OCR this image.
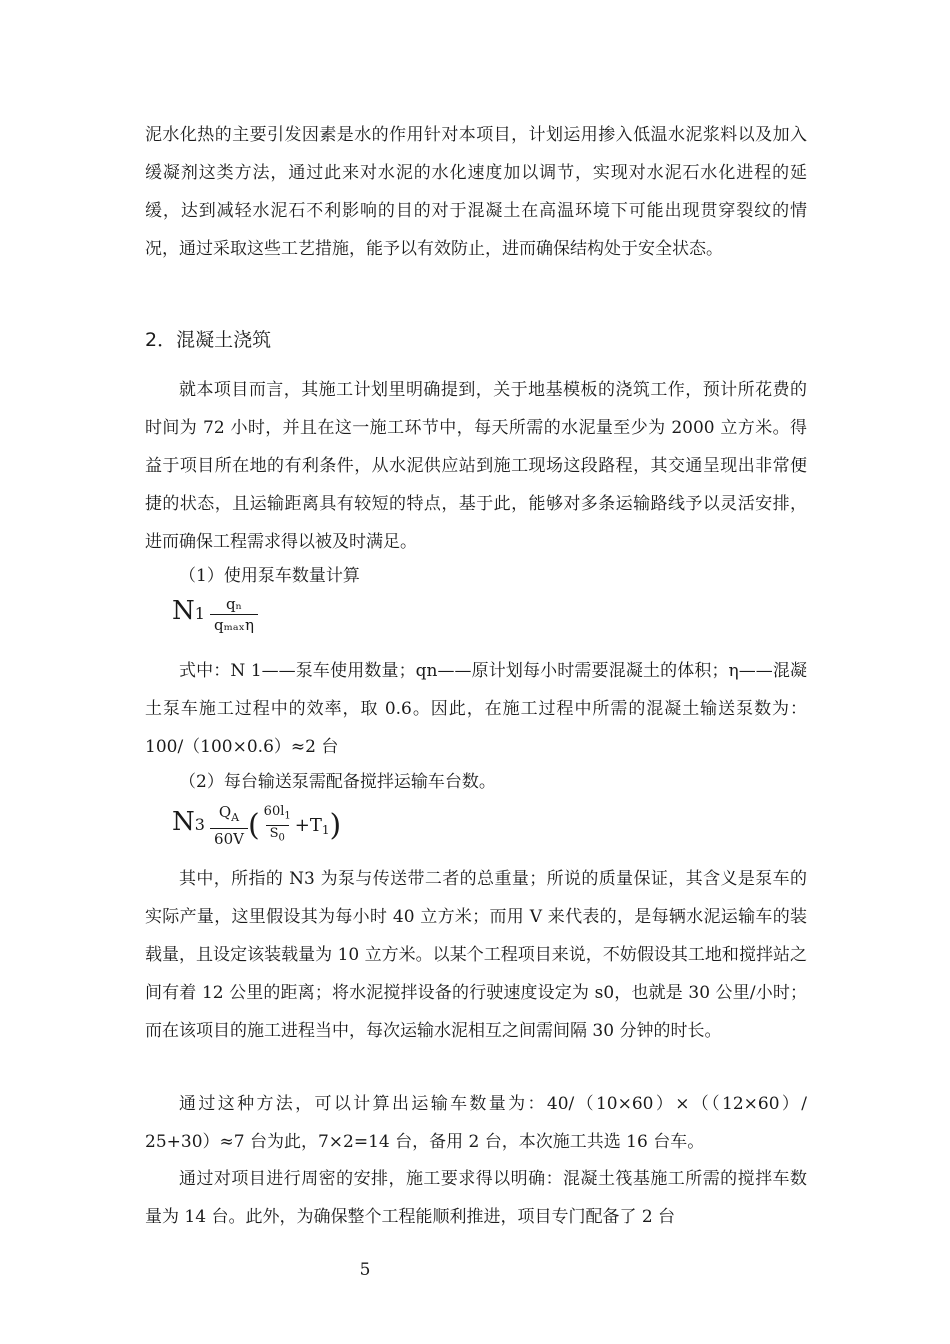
泥水化热的主要引发因素是水的作用针对本项目，计划运用掺入低温水泥浆料以及加入缓凝剂这类方法，通过此来对水泥的水化速度加以调节，实现对水泥石水化进程的延缓，达到减轻水泥石不利影响的目的对于混凝土在高温环境下可能出现贯穿裂纹的情况，通过采取这些工艺措施，能予以有效防止，进而确保结构处于安全状态。

2．混凝土浇筑

就本项目而言，其施工计划里明确提到，关于地基模板的浇筑工作，预计所花费的时间为 72 小时，并且在这一施工环节中，每天所需的水泥量至少为 2000 立方米。得益于项目所在地的有利条件，从水泥供应站到施工现场这段路程，其交通呈现出非常便捷的状态，且运输距离具有较短的特点，基于此，能够对多条运输路线予以灵活安排，进而确保工程需求得以被及时满足。

（1）使用泵车数量计算

$N1 \frac{\text{qₙ}}{\text{qₘₐₓη}}$

式中：N 1——泵车使用数量；qn——原计划每小时需要混凝土的体积；η——混凝土泵车施工过程中的效率，取 0.6。因此，在施工过程中所需的混凝土输送泵数为：100/（100×0.6）≈2 台

（2）每台输送泵需配备搅拌运输车台数。

$N3 \frac{Q_A}{60V}$ ( $\frac{60l_1}{S_0} +T_1$)

其中，所指的 N3 为泵与传送带二者的总重量；所说的质量保证，其含义是泵车的实际产量，这里假设其为每小时 40 立方米；而用 V 来代表的，是每辆水泥运输车的装载量，且设定该装载量为 10 立方米。以某个工程项目来说，不妨假设其工地和搅拌站之间有着 12 公里的距离；将水泥搅拌设备的行驶速度设定为 s0，也就是 30 公里/小时；而在该项目的施工进程当中，每次运输水泥相互之间需间隔 30 分钟的时长。

通过这种方法，可以计算出运输车数量为：40/（10×60）×（（12×60）/ 25+30）≈7 台为此，7×2=14 台，备用 2 台，本次施工共选 16 台车。

通过对项目进行周密的安排，施工要求得以明确：混凝土筏基施工所需的搅拌车数量为 14 台。此外，为确保整个工程能顺利推进，项目专门配备了 2 台

5
